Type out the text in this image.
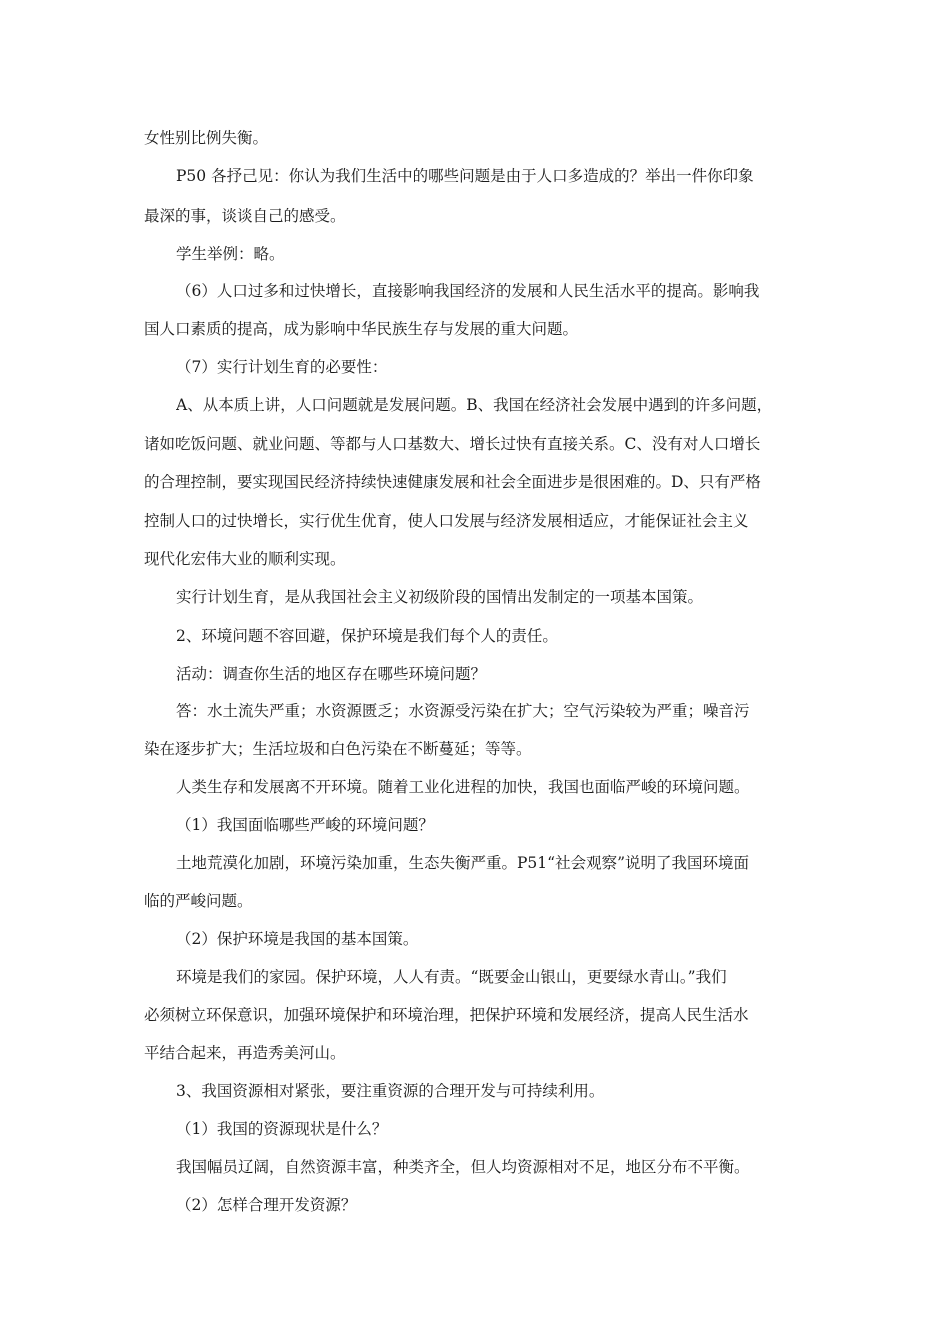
女性别比例失衡。
P50 各抒己见：你认为我们生活中的哪些问题是由于人口多造成的？举出一件你印象
最深的事，谈谈自己的感受。
学生举例：略。
（6）人口过多和过快增长，直接影响我国经济的发展和人民生活水平的提高。影响我
国人口素质的提高，成为影响中华民族生存与发展的重大问题。
（7）实行计划生育的必要性：
A、从本质上讲，人口问题就是发展问题。B、我国在经济社会发展中遇到的许多问题，
诸如吃饭问题、就业问题、等都与人口基数大、增长过快有直接关系。C、没有对人口增长
的合理控制，要实现国民经济持续快速健康发展和社会全面进步是很困难的。D、只有严格
控制人口的过快增长，实行优生优育，使人口发展与经济发展相适应，才能保证社会主义
现代化宏伟大业的顺利实现。
实行计划生育，是从我国社会主义初级阶段的国情出发制定的一项基本国策。
2、环境问题不容回避，保护环境是我们每个人的责任。
活动：调查你生活的地区存在哪些环境问题？
答：水土流失严重；水资源匮乏；水资源受污染在扩大；空气污染较为严重；噪音污
染在逐步扩大；生活垃圾和白色污染在不断蔓延；等等。
人类生存和发展离不开环境。随着工业化进程的加快，我国也面临严峻的环境问题。
（1）我国面临哪些严峻的环境问题？
土地荒漠化加剧，环境污染加重，生态失衡严重。P51“社会观察”说明了我国环境面
临的严峻问题。
（2）保护环境是我国的基本国策。
环境是我们的家园。保护环境，人人有责。“既要金山银山，更要绿水青山。”我们
必须树立环保意识，加强环境保护和环境治理，把保护环境和发展经济，提高人民生活水
平结合起来，再造秀美河山。
3、我国资源相对紧张，要注重资源的合理开发与可持续利用。
（1）我国的资源现状是什么？
我国幅员辽阔，自然资源丰富，种类齐全，但人均资源相对不足，地区分布不平衡。
（2）怎样合理开发资源？
